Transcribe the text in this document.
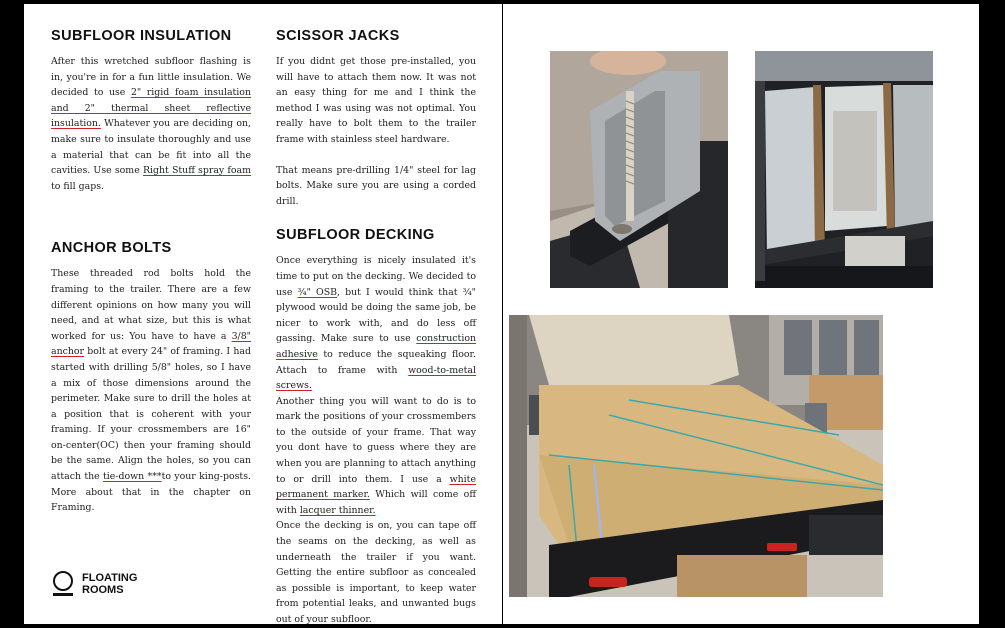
SUBFLOOR INSULATION

After this wretched subfloor flashing is in, you're in for a fun little insulation. We decided to use 2" rigid foam insulation and 2" thermal sheet reflective insulation. Whatever you are deciding on, make sure to insulate thoroughly and use a material that can be fit into all the cavities. Use some Right Stuff spray foam to fill gaps.

ANCHOR BOLTS

These threaded rod bolts hold the framing to the trailer. There are a few different opinions on how many you will need, and at what size, but this is what worked for us: You have to have a 3/8" anchor bolt at every 24" of framing. I had started with drilling 5/8" holes, so I have a mix of those dimensions around the perimeter. Make sure to drill the holes at a position that is coherent with your framing. If your crossmembers are 16" on-center(OC) then your framing should be the same. Align the holes, so you can attach the tie-down ***to your king-posts. More about that in the chapter on Framing.

SCISSOR JACKS

If you didnt get those pre-installed, you will have to attach them now. It was not an easy thing for me and I think the method I was using was not optimal. You really have to bolt them to the trailer frame with stainless steel hardware.

That means pre-drilling 1/4" steel for lag bolts. Make sure you are using a corded drill.

SUBFLOOR DECKING

Once everything is nicely insulated it's time to put on the decking. We decided to use ¾" OSB, but I would think that ¾" plywood would be doing the same job, be nicer to work with, and do less off gassing. Make sure to use construction adhesive to reduce the squeaking floor. Attach to frame with wood-to-metal screws.

Another thing you will want to do is to mark the positions of your crossmembers to the outside of your frame. That way you dont have to guess where they are when you are planning to attach anything to or drill into them. I use a white permanent marker. Which will come off with lacquer thinner.

Once the decking is on, you can tape off the seams on the decking, as well as underneath the trailer if you want. Getting the entire subfloor as concealed as possible is important, to keep water from potential leaks, and unwanted bugs out of your subfloor.

FLOATING
ROOMS
